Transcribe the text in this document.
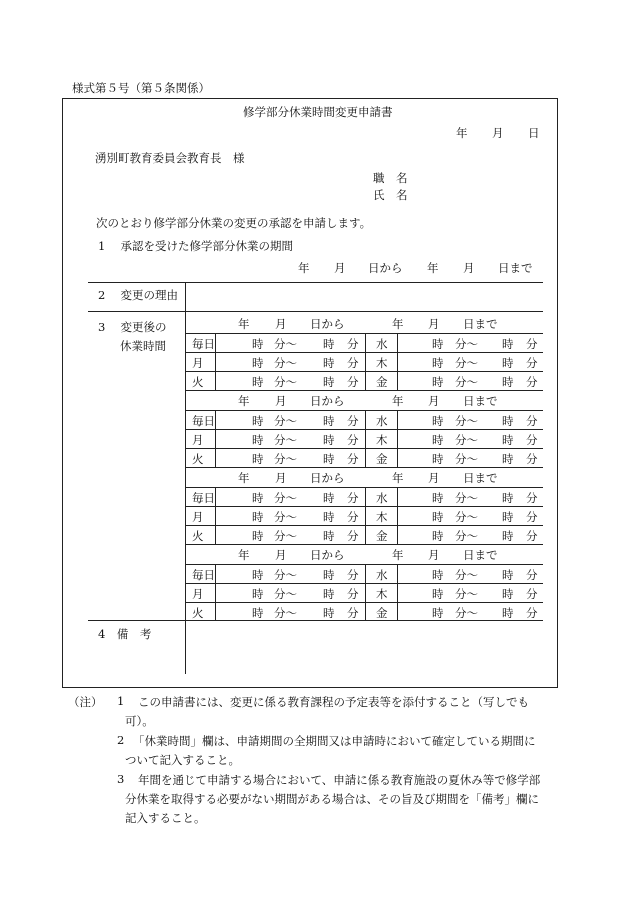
様式第５号（第５条関係）
修学部分休業時間変更申請書
年 月 日
湧別町教育委員会教育長　様
職　名
氏　名
次のとおり修学部分休業の変更の承認を申請します。
1　 承認を受けた修学部分休業の期間
2　 変更の理由
3　 変更後の
休業時間
4　備　考
年 月 日から 年 月 日まで
年 月 日から	年 月 日まで
毎日	時 分～ 時 分 水	時 分～ 時 分
月	時 分～ 時 分 木	時 分～ 時 分
火	時 分～ 時 分 金	時 分～ 時 分
年 月 日から	年 月 日まで
毎日	時 分～ 時 分 水	時 分～ 時 分
月	時 分～ 時 分 木	時 分～ 時 分
火	時 分～ 時 分 金	時 分～ 時 分
年 月 日から	年 月 日まで
毎日	時 分～ 時 分 水	時 分～ 時 分
月	時 分～ 時 分 木	時 分～ 時 分
火	時 分～ 時 分 金	時 分～ 時 分
年 月 日から	年 月 日まで
毎日	時 分～ 時 分 水	時 分～ 時 分
月	時 分～ 時 分 木	時 分～ 時 分
火	時 分～ 時 分 金	時 分～ 時 分
（注） 1 この申請書には、変更に係る教育課程の予定表等を添付すること（写しでも
可）。
2 「休業時間」欄は、申請期間の全期間又は申請時において確定している期間に
ついて記入すること。
3 年間を通じて申請する場合において、申請に係る教育施設の夏休み等で修学部
分休業を取得する必要がない期間がある場合は、その旨及び期間を「備考」欄に
記入すること。
